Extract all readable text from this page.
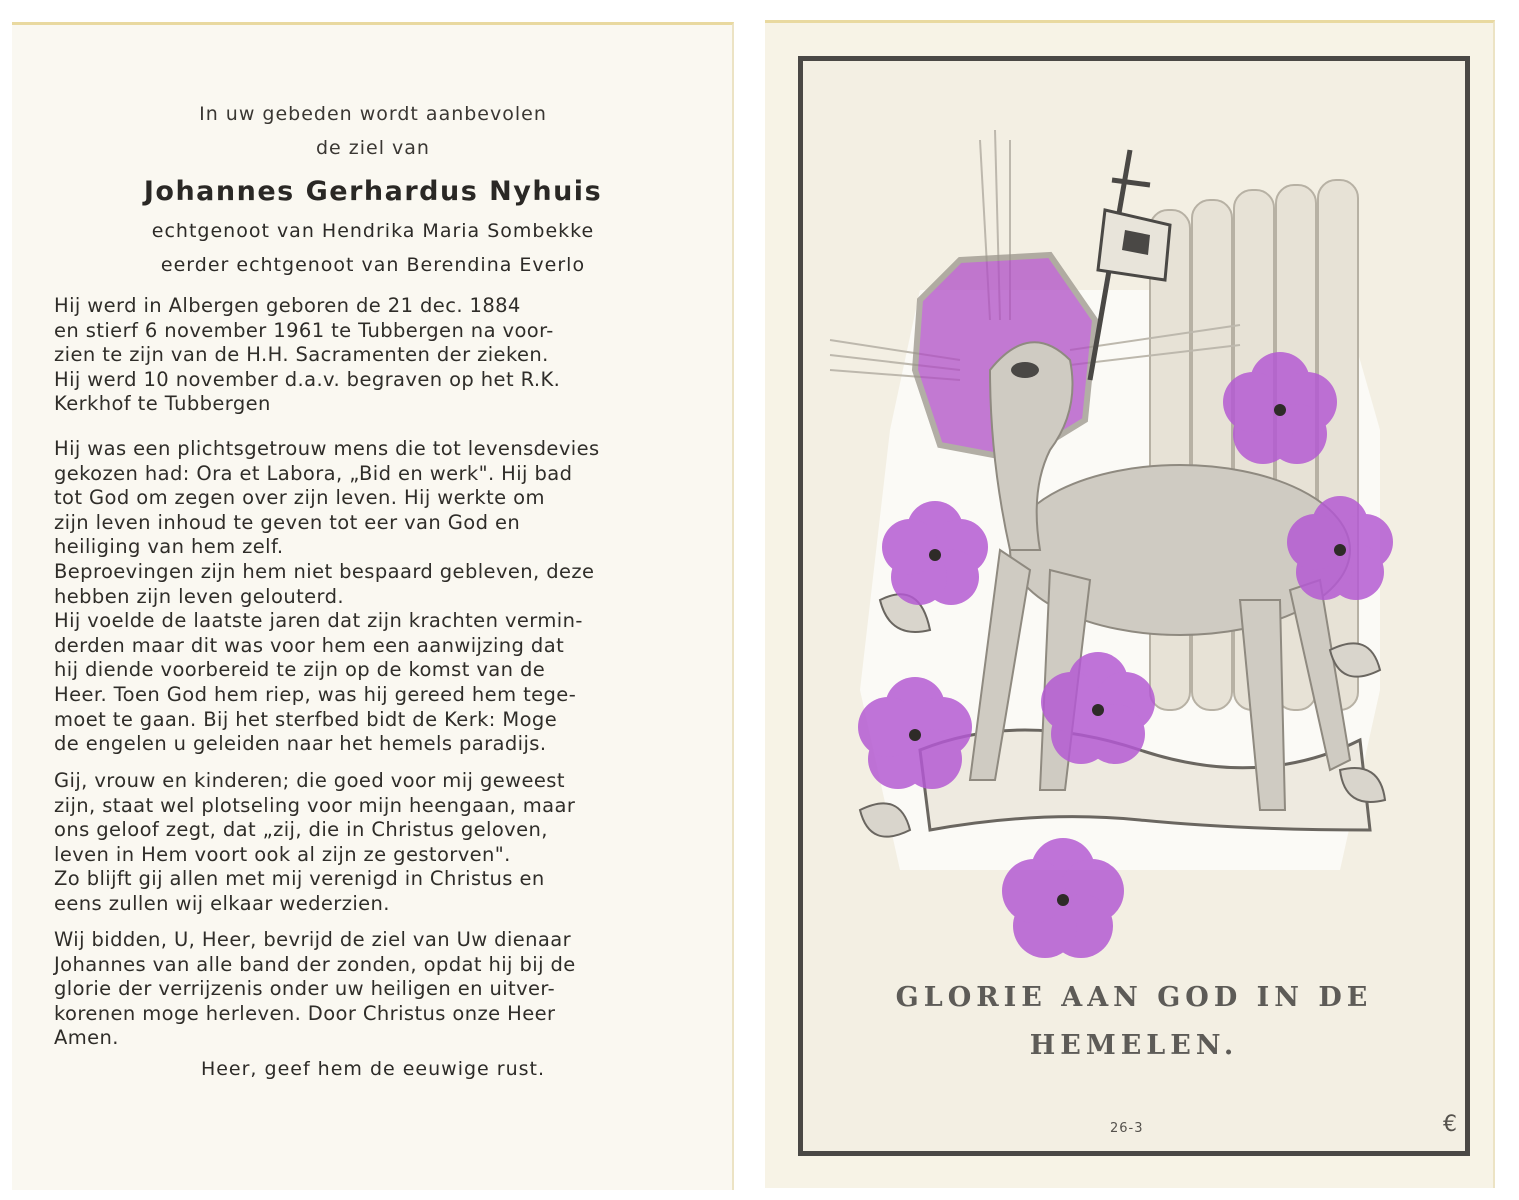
In uw gebeden wordt aanbevolen
de ziel van
Johannes Gerhardus Nyhuis
echtgenoot van Hendrika Maria Sombekke
eerder echtgenoot van Berendina Everlo

Hij werd in Albergen geboren de 21 dec. 1884

en stierf 6 november 1961 te Tubbergen na voor-

zien te zijn van de H.H. Sacramenten der zieken.

Hij werd 10 november d.a.v. begraven op het R.K.

Kerkhof te Tubbergen

Hij was een plichtsgetrouw mens die tot levensdevies

gekozen had: Ora et Labora, „Bid en werk". Hij bad

tot God om zegen over zijn leven. Hij werkte om

zijn leven inhoud te geven tot eer van God en

heiliging van hem zelf.

Beproevingen zijn hem niet bespaard gebleven, deze

hebben zijn leven gelouterd.

Hij voelde de laatste jaren dat zijn krachten vermin-

derden maar dit was voor hem een aanwijzing dat

hij diende voorbereid te zijn op de komst van de

Heer. Toen God hem riep, was hij gereed hem tege-

moet te gaan. Bij het sterfbed bidt de Kerk: Moge

de engelen u geleiden naar het hemels paradijs.

Gij, vrouw en kinderen; die goed voor mij geweest

zijn, staat wel plotseling voor mijn heengaan, maar

ons geloof zegt, dat „zij, die in Christus geloven,

leven in Hem voort ook al zijn ze gestorven".

Zo blijft gij allen met mij verenigd in Christus en

eens zullen wij elkaar wederzien.

Wij bidden, U, Heer, bevrijd de ziel van Uw dienaar

Johannes van alle band der zonden, opdat hij bij de

glorie der verrijzenis onder uw heiligen en uitver-

korenen moge herleven. Door Christus onze Heer

Amen.

Heer, geef hem de eeuwige rust.
GLORIE AAN GOD IN DE
HEMELEN.
26-3	€
